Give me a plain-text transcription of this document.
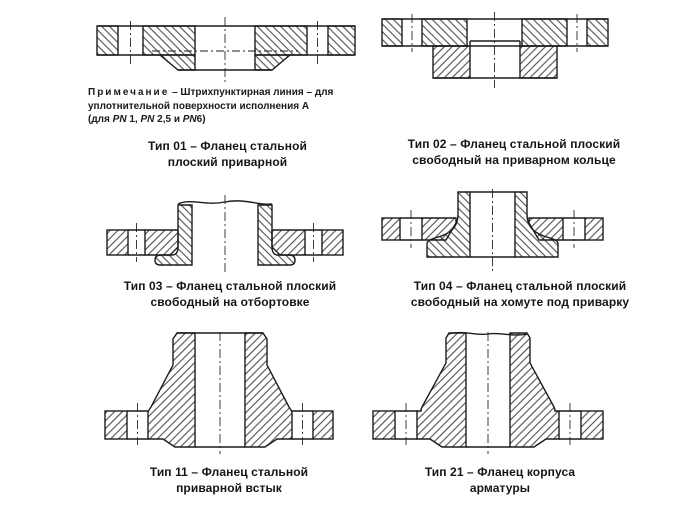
Примечание – Штрихпунктирная линия – для
уплотнительной поверхности исполнения А
(для PN 1, PN 2,5 и PN6)
Тип 01 – Фланец стальной
плоский приварной
Тип 02 – Фланец стальной плоский
свободный на приварном кольце
Тип 03 – Фланец стальной плоский
свободный на отбортовке
Тип 04 – Фланец стальной плоский
свободный на хомуте под приварку
Тип 11 – Фланец стальной
приварной встык
Тип 21 – Фланец корпуса
арматуры
